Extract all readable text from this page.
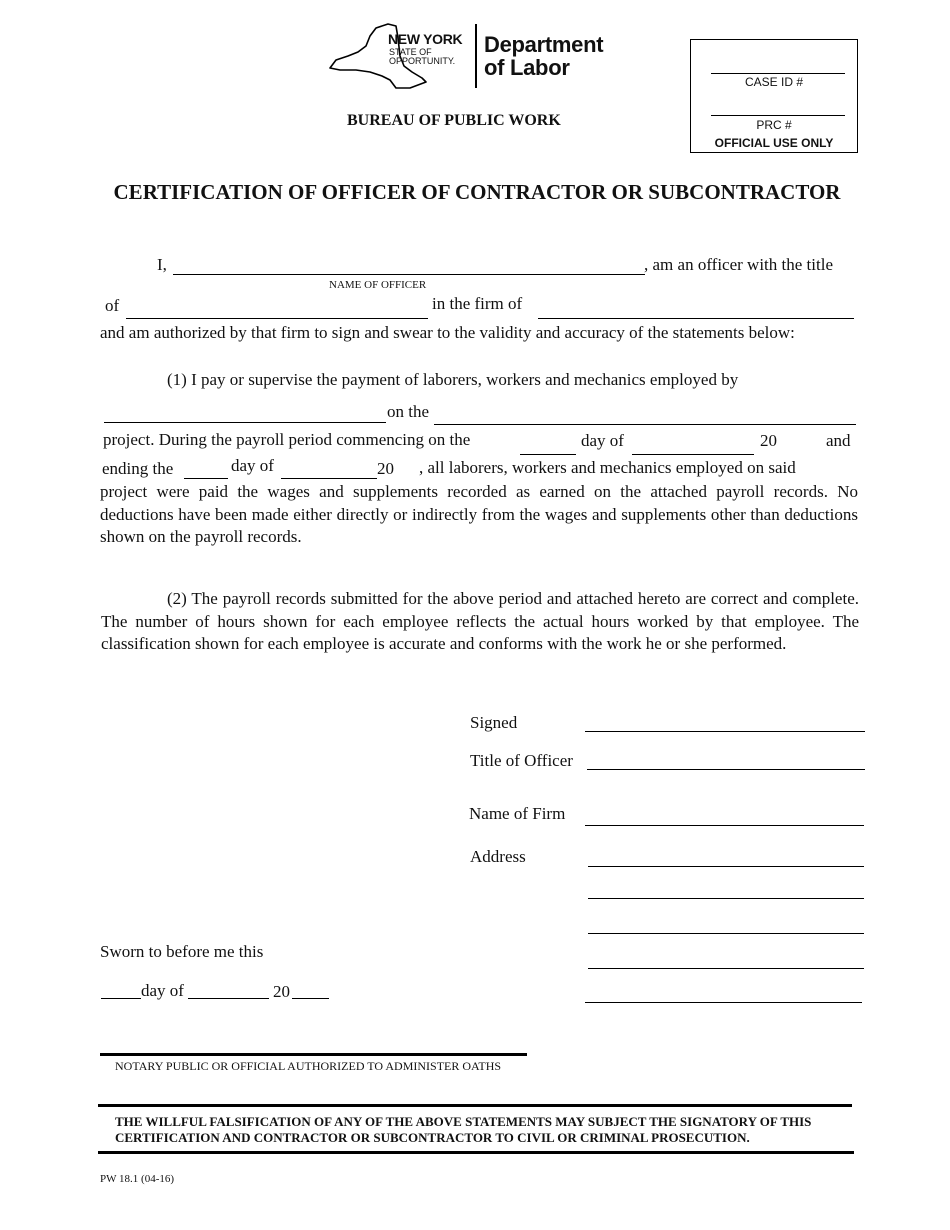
NEW YORK
STATE OF
OPPORTUNITY.
Department
of Labor
BUREAU OF PUBLIC WORK
CASE ID #
PRC #
OFFICIAL USE ONLY
CERTIFICATION OF OFFICER OF CONTRACTOR OR SUBCONTRACTOR
I,	, am an officer with the title
NAME OF OFFICER
of	in the firm of
and am authorized by that firm to sign and swear to the validity and accuracy of the statements below:
(1) I pay or supervise the payment of laborers, workers and mechanics employed by
on the
project. During the payroll period commencing on the	day of	20	and
ending the	day of	20 , all laborers, workers and mechanics employed on said
project were paid the wages and supplements recorded as earned on the attached payroll records. No deductions have been made either directly or indirectly from the wages and supplements other than deductions shown on the payroll records.
(2) The payroll records submitted for the above period and attached hereto are correct and complete. The number of hours shown for each employee reflects the actual hours worked by that employee. The classification shown for each employee is accurate and conforms with the work he or she performed.
Signed
Title of Officer
Name of Firm
Address
Sworn to before me this
day of	20
NOTARY PUBLIC OR OFFICIAL AUTHORIZED TO ADMINISTER OATHS
THE WILLFUL FALSIFICATION OF ANY OF THE ABOVE STATEMENTS MAY SUBJECT THE SIGNATORY OF THIS CERTIFICATION AND CONTRACTOR OR SUBCONTRACTOR TO CIVIL OR CRIMINAL PROSECUTION.
PW 18.1 (04-16)
